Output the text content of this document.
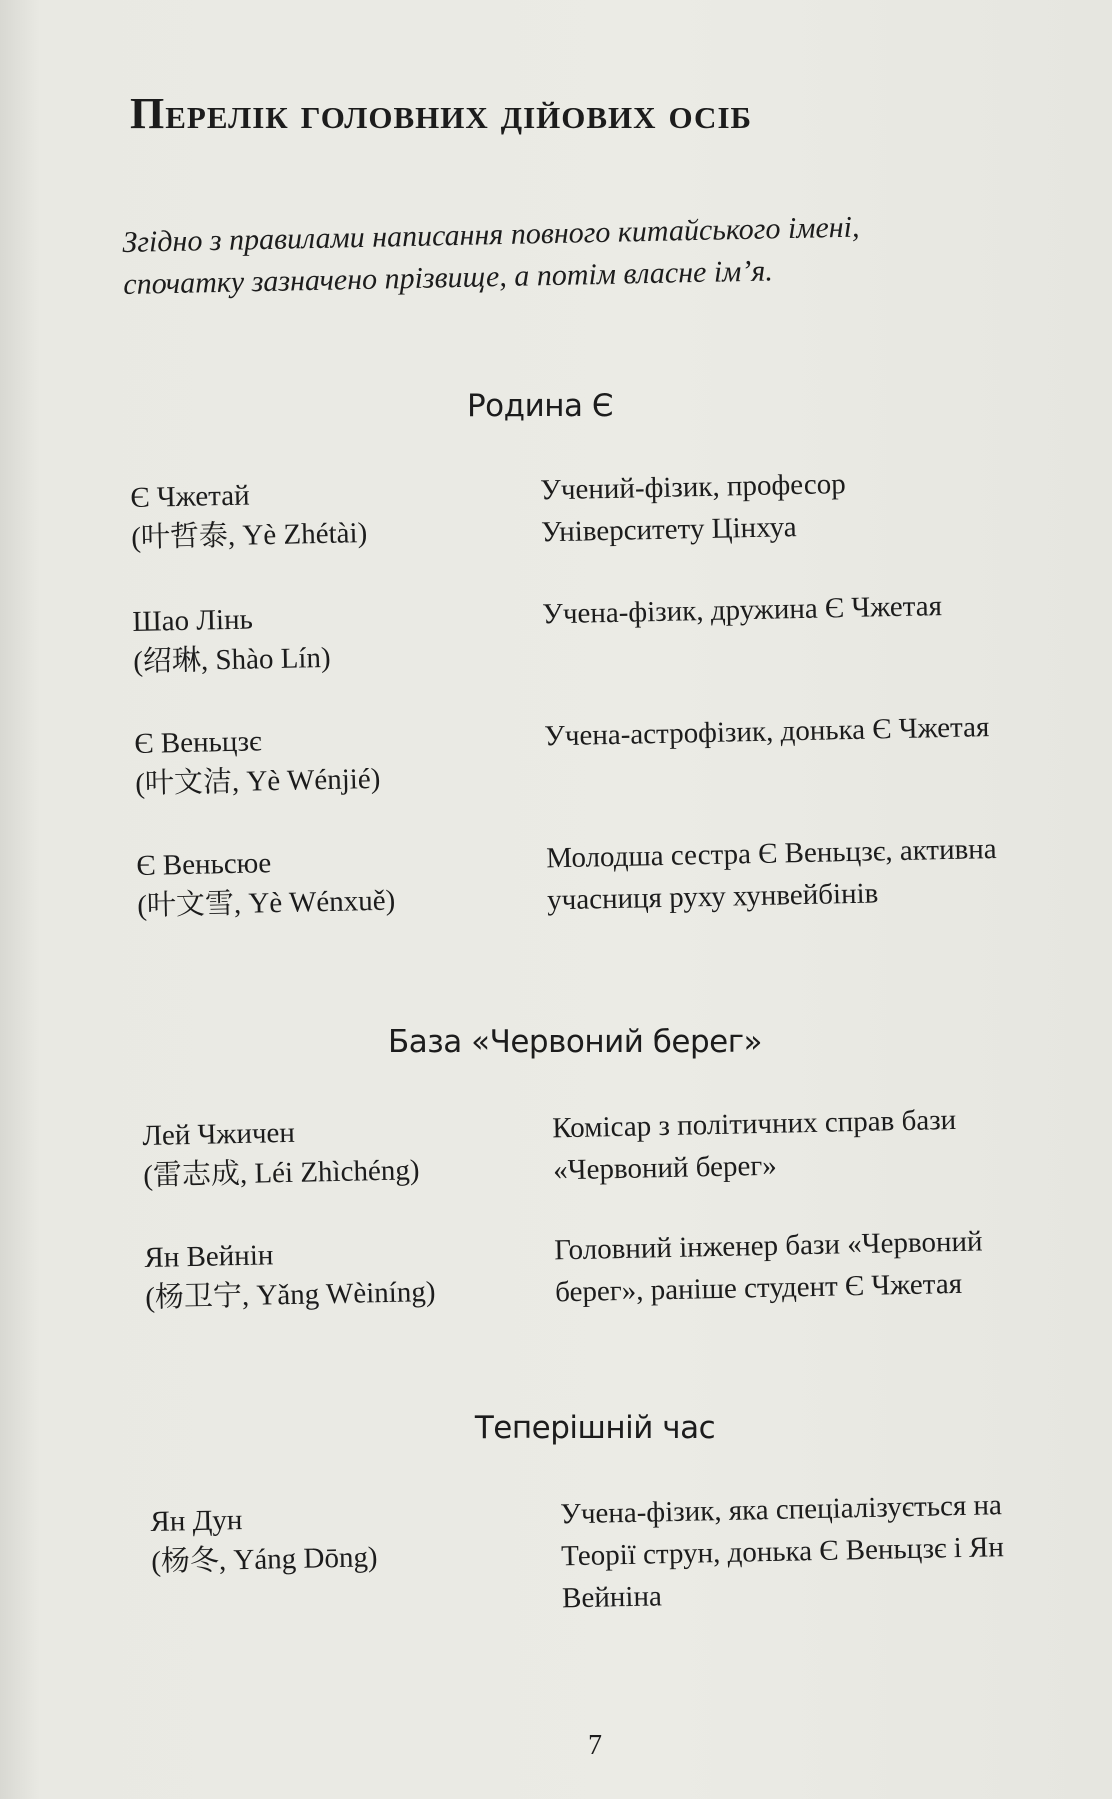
Перелік головних дійових осіб
Згідно з правилами написання повного китайського імені, спочатку зазначено прізвище, а потім власне ім’я.
Родина Є
Є Чжетай
(叶哲泰, Yè Zhétài)
Учений-фізик, професор Університету Цінхуа
Шао Лінь
(绍琳, Shào Lín)
Учена-фізик, дружина Є Чжетая
Є Веньцзє
(叶文洁, Yè Wénjié)
Учена-астрофізик, донька Є Чжетая
Є Веньсюе
(叶文雪, Yè Wénxuě)
Молодша сестра Є Веньцзє, активна учасниця руху хунвейбінів
База «Червоний берег»
Лей Чжичен
(雷志成, Léi Zhìchéng)
Комісар з політичних справ бази «Червоний берег»
Ян Вейнін
(杨卫宁, Yǎng Wèiníng)
Головний інженер бази «Червоний берег», раніше студент Є Чжетая
Теперішній час
Ян Дун
(杨冬, Yáng Dōng)
Учена-фізик, яка спеціалізується на Теорії струн, донька Є Веньцзє і Ян Вейніна
7
